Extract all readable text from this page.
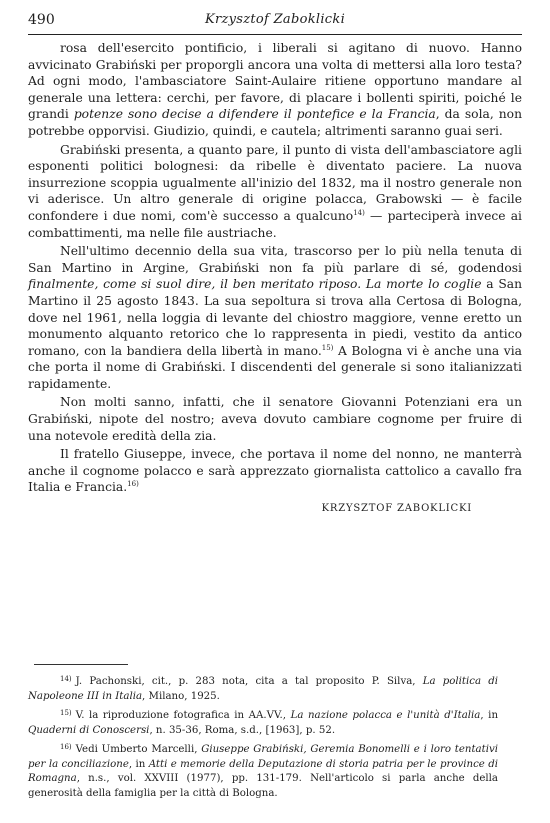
490	Krzysztof Zaboklicki

rosa dell'esercito pontificio, i liberali si agitano di nuovo. Hanno avvicinato Grabiński per proporgli ancora una volta di mettersi alla loro testa? Ad ogni modo, l'ambasciatore Saint-Aulaire ritiene opportuno mandare al generale una lettera: cerchi, per favore, di placare i bollenti spiriti, poiché le grandi potenze sono decise a difendere il pontefice e la Francia, da sola, non potrebbe opporvisi. Giudizio, quindi, e cautela; altrimenti saranno guai seri.

Grabiński presenta, a quanto pare, il punto di vista dell'ambasciatore agli esponenti politici bolognesi: da ribelle è diventato paciere. La nuova insurrezione scoppia ugualmente all'inizio del 1832, ma il nostro generale non vi aderisce. Un altro generale di origine polacca, Grabowski — è facile confondere i due nomi, com'è successo a qualcuno$^{14)}$ — parteciperà invece ai combattimenti, ma nelle file austriache.

Nell'ultimo decennio della sua vita, trascorso per lo più nella tenuta di San Martino in Argine, Grabiński non fa più parlare di sé, godendosi finalmente, come si suol dire, il ben meritato riposo. La morte lo coglie a San Martino il 25 agosto 1843. La sua sepoltura si trova alla Certosa di Bologna, dove nel 1961, nella loggia di levante del chiostro maggiore, venne eretto un monumento alquanto retorico che lo rappresenta in piedi, vestito da antico romano, con la bandiera della libertà in mano.$^{15)}$ A Bologna vi è anche una via che porta il nome di Grabiński. I discendenti del generale si sono italianizzati rapidamente.

Non molti sanno, infatti, che il senatore Giovanni Potenziani era un Grabiński, nipote del nostro; aveva dovuto cambiare cognome per fruire di una notevole eredità della zia.

Il fratello Giuseppe, invece, che portava il nome del nonno, ne manterrà anche il cognome polacco e sarà apprezzato giornalista cattolico a cavallo fra Italia e Francia.$^{16)}$

KRZYSZTOF ZABOKLICKI
$^{14)}$ J. Pachonski, cit., p. 283 nota, cita a tal proposito P. Silva, La politica di Napoleone III in Italia, Milano, 1925.
$^{15)}$ V. la riproduzione fotografica in AA.VV., La nazione polacca e l'unità d'Italia, in Quaderni di Conoscersi, n. 35-36, Roma, s.d., [1963], p. 52.
$^{16)}$ Vedi Umberto Marcelli, Giuseppe Grabiński, Geremia Bonomelli e i loro tentativi per la conciliazione, in Atti e memorie della Deputazione di storia patria per le province di Romagna, n.s., vol. XXVIII (1977), pp. 131-179. Nell'articolo si parla anche della generosità della famiglia per la città di Bologna.
